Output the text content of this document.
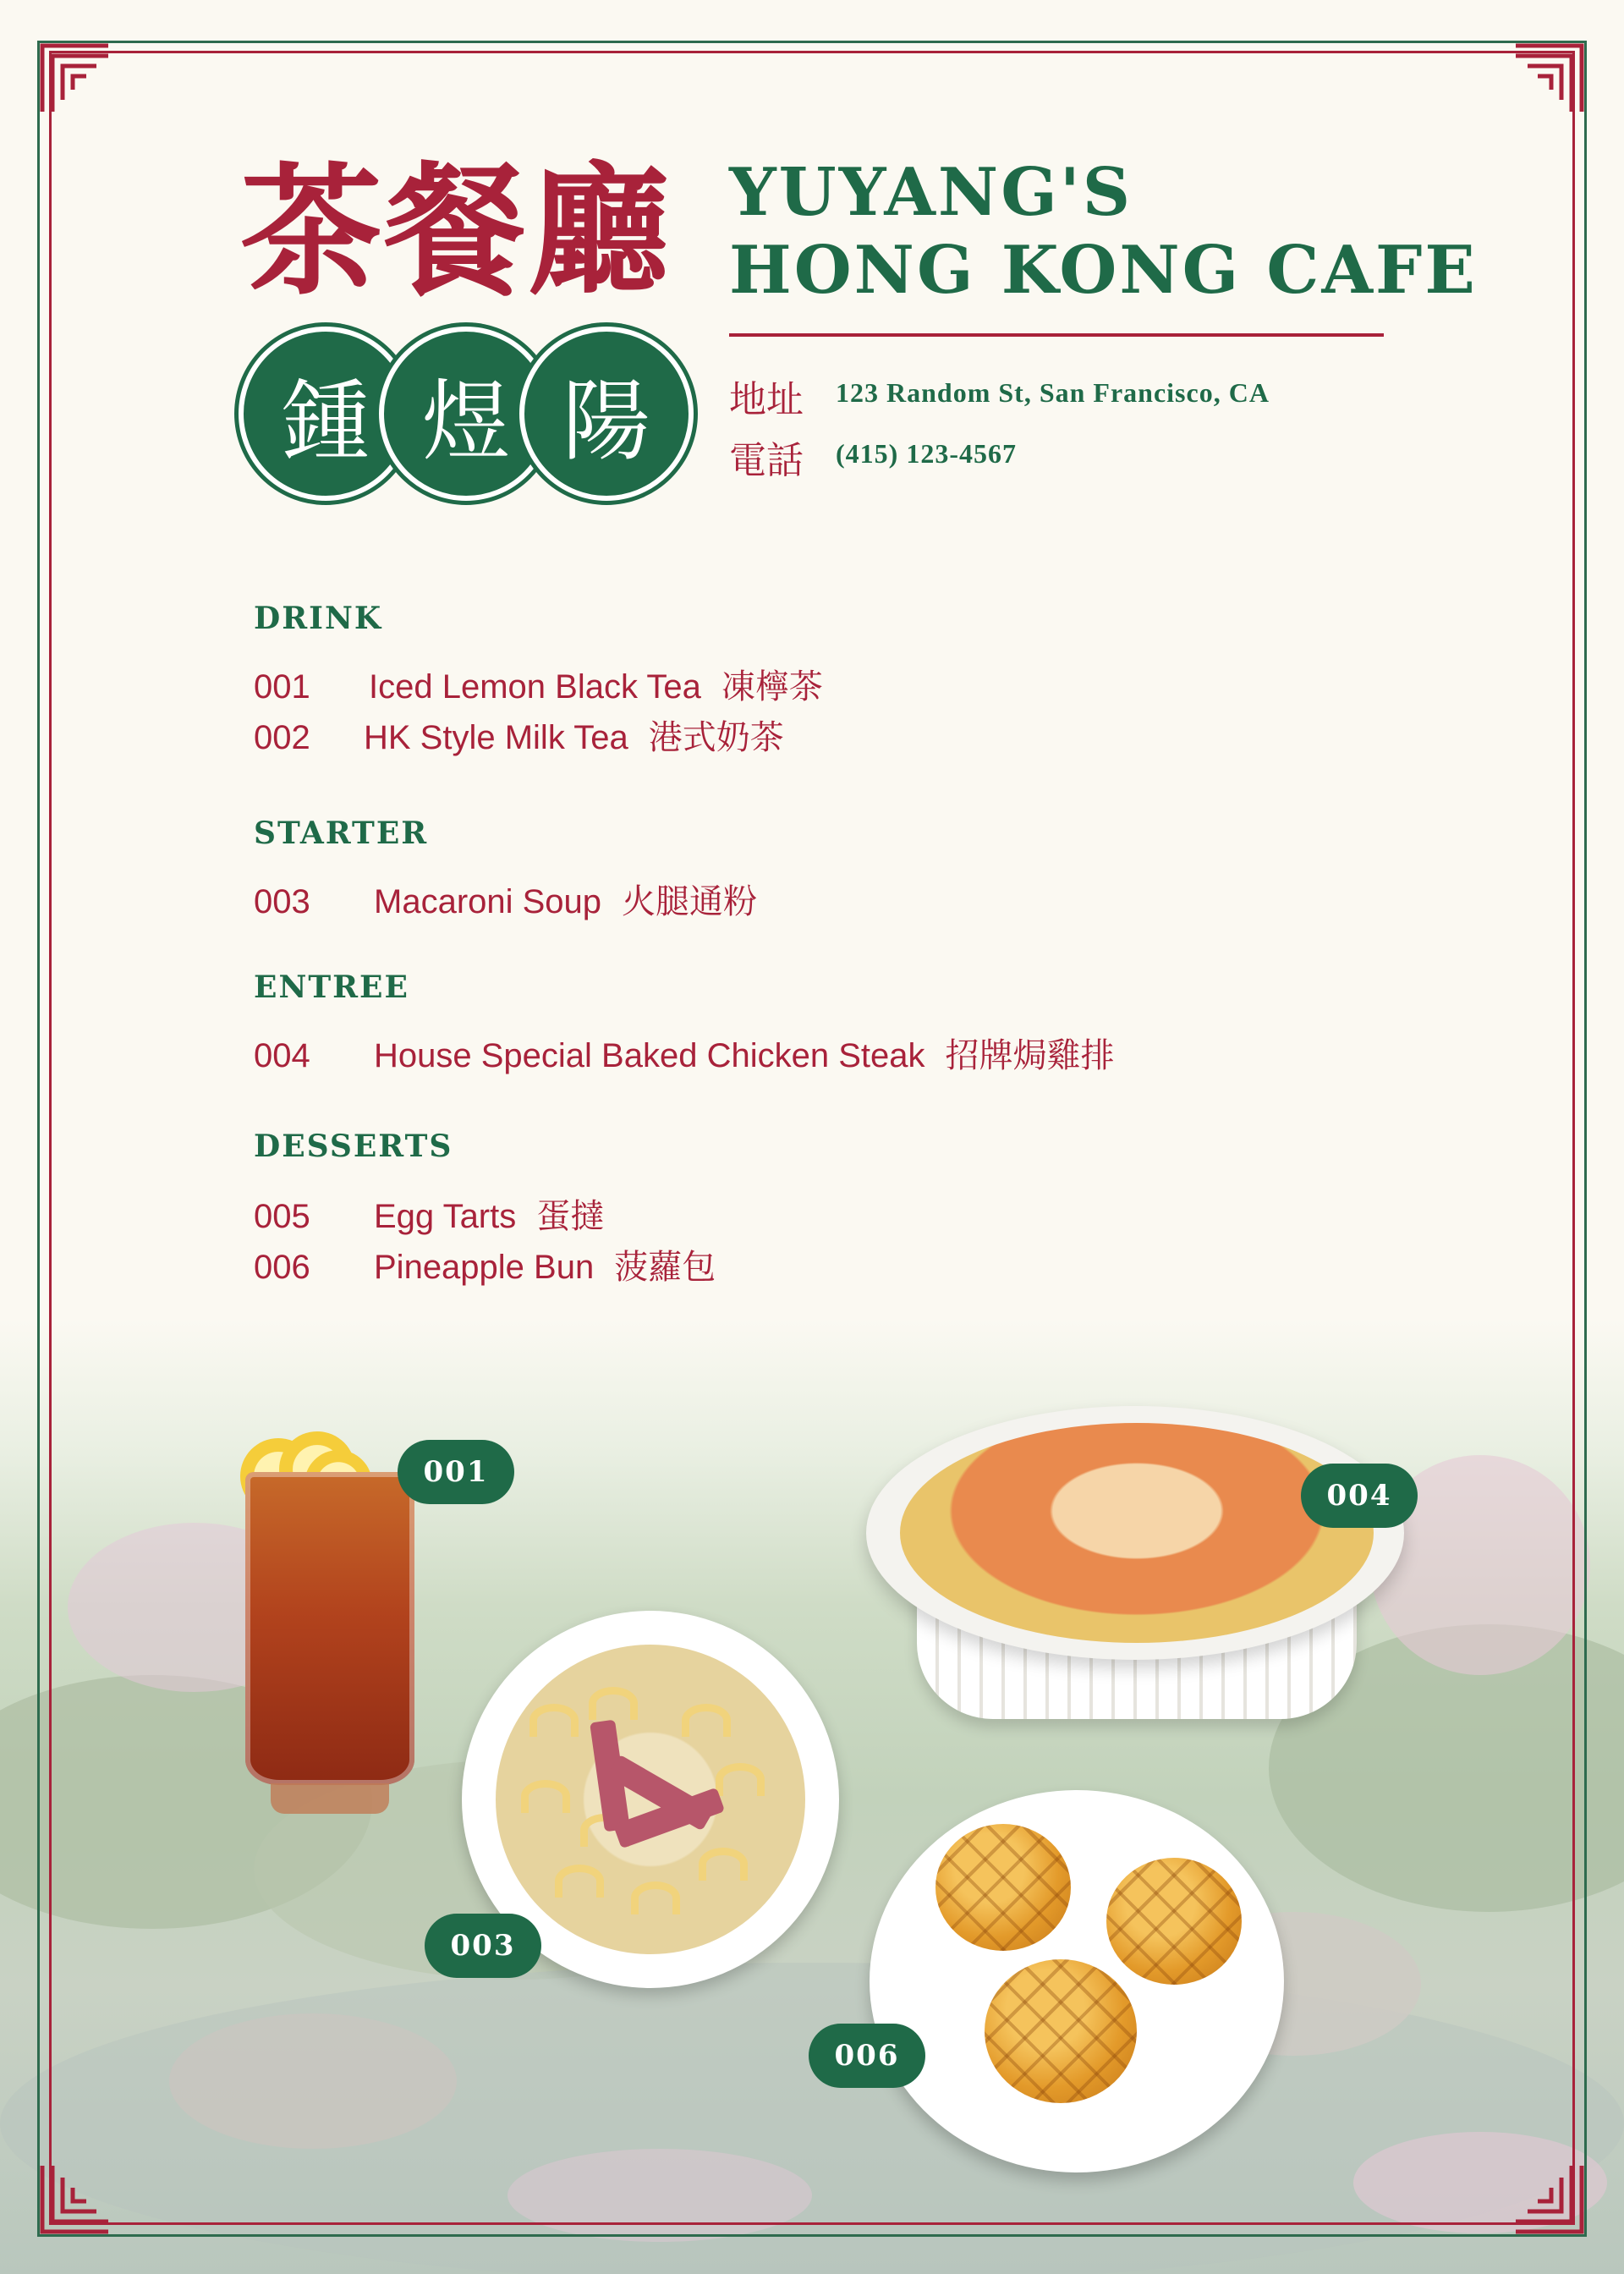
茶餐廳
鍾 煜 陽
YUYANG'S
HONG KONG CAFE
地址 123 Random St, San Francisco, CA
電話 (415) 123-4567
DRINK
001 Iced Lemon Black Tea 凍檸茶
002 HK Style Milk Tea 港式奶茶
STARTER
003 Macaroni Soup 火腿通粉
ENTREE
004 House Special Baked Chicken Steak 招牌焗雞排
DESSERTS
005 Egg Tarts 蛋撻
006 Pineapple Bun 菠蘿包
001
003
004
006
